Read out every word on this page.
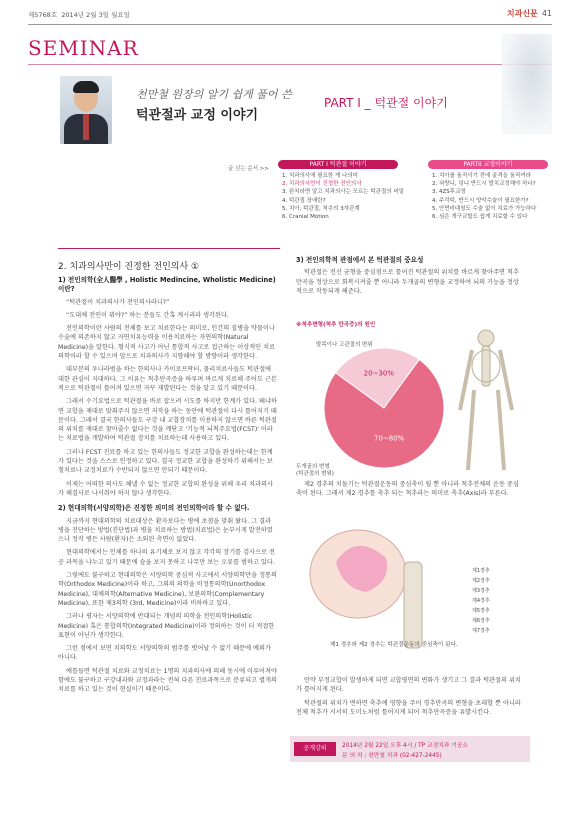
제5768호 2014년 2월 3일 월요일	치과신문 41
SEMINAR
천만철 원장의 알기 쉽게 풀어 쓴
턱관절과 교정 이야기
PART I _ 턱관절 이야기
글 싣는 순서 >>
PART I 턱관절 이야기
1. 치과의사에 필요한 게 나의미
2. 치과의사만이 진정한 전인의사
3. 완치라면 알고 치과의사는 모르는 턱관절의 비밀
4. 턱관절 장애란?
5. 치아, 턱관절, 척추의 3자관계
6. Cranial Motion
PARTII 교정이야기
1. 치아를 움직이기 전에 골격을 움직여라
2. 혀랑니, 덧니 반드시 발치교정해야 하나?
3. 4ZS후교정
4. 주걱턱, 반드시 양악수술이 필요한가?
5. 안면비대칭도 수술 없이 치료가 가능하다
6. 심은 개구교합도 쉽게 치료할 수 있다
2. 치과의사만이 진정한 전인의사 ①

1) 전인의학(全人醫學 , Holistic Medincine, Wholistic Medicine)이란?

“턱관절이 치과의사가 전인의사라니?”

“도대체 전인이 뭐야?” 하는 분들도 간혹 계시리라 생각된다.

전인의학이란 사람의 전체를 보고 치료한다는 의미로, 인간의 질병을 약물이나 수술에 의존하지 않고 자연치유능력을 이용치료하는 자연의학(Natural Medicine)을 말한다. 형식적 사고가 아닌 통합적 사고로 접근하는 이상적인 치료의학이라 할 수 있으며 앞으로 치과의사가 지향해야 할 방향이라 생각한다.

대부분의 우나라범을 하는 한의사나 카이로프락터, 물리치료사들도 턱관절에 대한 관심이 지대하다. 그 이유는 척추만곡증을 하루며 바르게 치료해 주어도 근본적으로 턱관절이 틀어져 있으면 자꾸 재발된다는 것을 알고 있기 때문이다.

그래서 수기요법으로 턱관절을 바로 잡으려 시도를 하지만 한계가 있다. 왜냐하면 교합을 제대로 맞춰주지 않으면 저작을 하는 동안에 턱관절이 다시 틀어지기 때문이다. 그래서 결국 한의사들도 구강 내 교합장치를 이용하지 않으면 바른 턱관절의 위치를 재대로 찾아줄수 없다는 것을 깨닫고 '기능적 뇌척주요법(FCST)' 이라는 치료법을 개발하여 턱관절 장치를 치료하는데 사용하고 있다.

그러나 FCST 진료를 하고 있는 한의사들도 정교한 교합을 완성하는데는 한계가 있다는 것을 스스로 인정하고 있다. 결국 정교한 교합을 완성하기 위해서는 보철치료나 교정치료가 수반되지 않으면 안되기 때문이다.

이제는 어떠한 의사도 해낼 수 없는 정교한 교합의 완성을 위해 우리 치과의사가 해결사로 나서줘야 하지 않나 생각한다.

2) 현대의학(서양의학)은 진정한 의미의 전인의학이라 할 수 없다.

지금까지 현대의학의 치료대상은 환자보다는 병에 초점을 맞춰 왔다. 그 결과 병을 진단하는 방법(진단법)과 병을 치료하는 방법(치료법)은 눈부시게 발전하였으나 정작 병든 사람(환자)은 소외된 측면이 없었다.

현대의학에서는 인체를 하나의 유기체로 보지 않고 각각의 장기를 검사으로 전공 과목을 나누고 있기 때문에 숲을 보지 못하고 나무만 보는 오류를 범하고 있다.

그렇에도 불구하고 현대의학은 서양의학 중심적 사고에서 서양의학만을 정통의학(Orthodox Medicine)이라 하고, 그외의 의학을 비정통의학(Unorthodox Medicine), 대체의학(Alternative Medicine), 보완의학(Complementary Medicine), 또한 제3의학 (3rd, Medicine)이라 비하하고 있다.

그러나 평자는 서양의학에 반대되는 개념의 의학을 전인의학(Holistic Medicine) 혹은 통합의학(Integrated Medicine)이라 정의하는 것이 더 적절한 표현이 아닌가 생각한다.

그런 점에서 보면 치의학도 서양의학의 범주를 벗어날 수 없기 때문에 예외가 아니다.

예를들면 턱관절 치료와 교정치료는 1명의 치과의사에 의해 동시에 이루어져야함에도 불구하고 구강내과와 교정과라는 전혀 다른 진료과목으로 분류되고 별개의 치료를 하고 있는 것이 현실이기 때문이다.

3) 전인의학적 관점에서 본 턱관절의 중요성

턱관절은 전신 균형을 중심점으로 틀어진 턱관절의 위치를 바르게 찾아주면 척추 만곡을 정상으로 회복시켜줄 뿐 아니라 두개골의 변형을 교정하여 뇌의 기능을 정상적으로 작동되게 해준다.

※척추변형(척추 만곡증)의 원인
20~30%
70~80%
발목이나 고관절의 변위
두개골의 변형
(턱관절의 변위)

제2 경추의 치돌기는 턱관절운동의 중심축이 될 뿐 아니라 척추전체의 운동 중심축이 된다. 그래서 제2 경추를 축추 되는 척추라는 의미로 축추(Axis)라 부른다.

제1경추
제2경추
제3경추
제4경추
제5경추
제6경추
제7경추
제1 경추와 제2 경추는 턱관절운동의 중심축이 된다.

만약 부정교합이 발생하게 되면 교합평면의 변화가 생기고 그 결과 턱관절의 위치가 틀어지게 된다.

턱관절의 위치가 변하면 축추에 영향을 주어 경추만곡의 변형을 초래할 뿐 아니라 전체 척추가 서서히 도미노처럼 틀어지게 되어 척추만곡증을 유발시킨다.

공개강의	2014년 2월 22일 오후 4시 / TP 교정치과 기공소
문 의 처 : 천만철 치과 (02-427-2445)
